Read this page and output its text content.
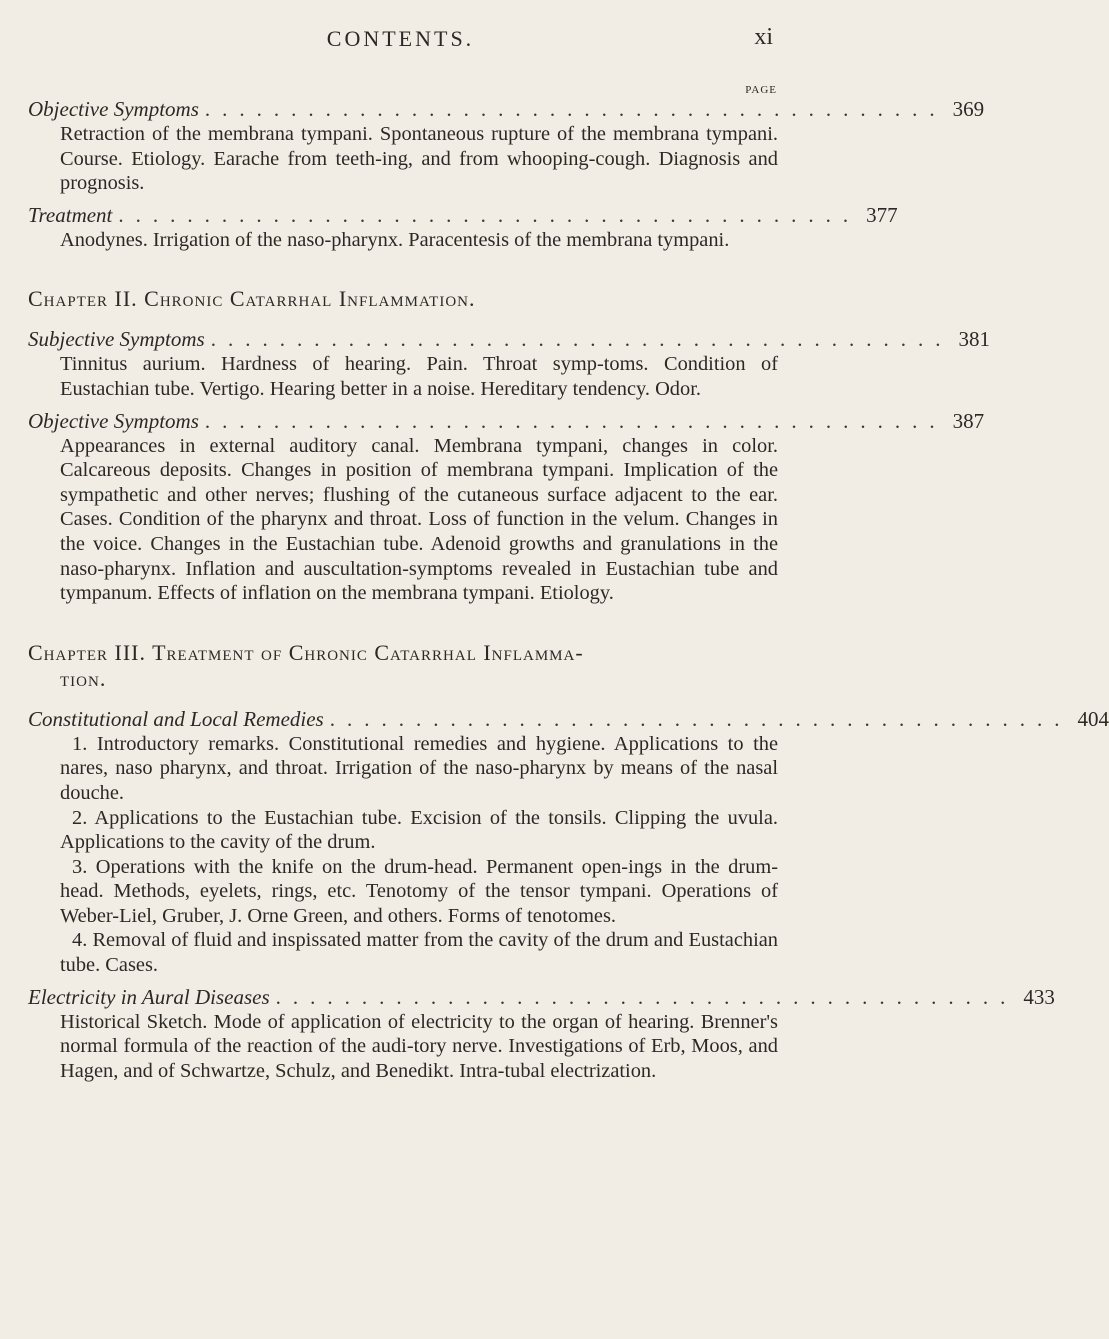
CONTENTS.	xi
PAGE
Objective Symptoms ........................................... 369

Retraction of the membrana tympani. Spontaneous rupture of the membrana tympani. Course. Etiology. Earache from teeth-ing, and from whooping-cough. Diagnosis and prognosis.

Treatment ........................................... 377

Anodynes. Irrigation of the naso-pharynx. Paracentesis of the membrana tympani.

Chapter II. Chronic Catarrhal Inflammation.

Subjective Symptoms ........................................... 381

Tinnitus aurium. Hardness of hearing. Pain. Throat symp-toms. Condition of Eustachian tube. Vertigo. Hearing better in a noise. Hereditary tendency. Odor.

Objective Symptoms ........................................... 387

Appearances in external auditory canal. Membrana tympani, changes in color. Calcareous deposits. Changes in position of membrana tympani. Implication of the sympathetic and other nerves; flushing of the cutaneous surface adjacent to the ear. Cases. Condition of the pharynx and throat. Loss of function in the velum. Changes in the voice. Changes in the Eustachian tube. Adenoid growths and granulations in the naso-pharynx. Inflation and auscultation-symptoms revealed in Eustachian tube and tympanum. Effects of inflation on the membrana tympani. Etiology.

Chapter III. Treatment of Chronic Catarrhal Inflamma-

tion.

Constitutional and Local Remedies ........................................... 404

1. Introductory remarks. Constitutional remedies and hygiene. Applications to the nares, naso pharynx, and throat. Irrigation of the naso-pharynx by means of the nasal douche.

2. Applications to the Eustachian tube. Excision of the tonsils. Clipping the uvula. Applications to the cavity of the drum.

3. Operations with the knife on the drum-head. Permanent open-ings in the drum-head. Methods, eyelets, rings, etc. Tenotomy of the tensor tympani. Operations of Weber-Liel, Gruber, J. Orne Green, and others. Forms of tenotomes.

4. Removal of fluid and inspissated matter from the cavity of the drum and Eustachian tube. Cases.

Electricity in Aural Diseases ........................................... 433

Historical Sketch. Mode of application of electricity to the organ of hearing. Brenner's normal formula of the reaction of the audi-tory nerve. Investigations of Erb, Moos, and Hagen, and of Schwartze, Schulz, and Benedikt. Intra-tubal electrization.
